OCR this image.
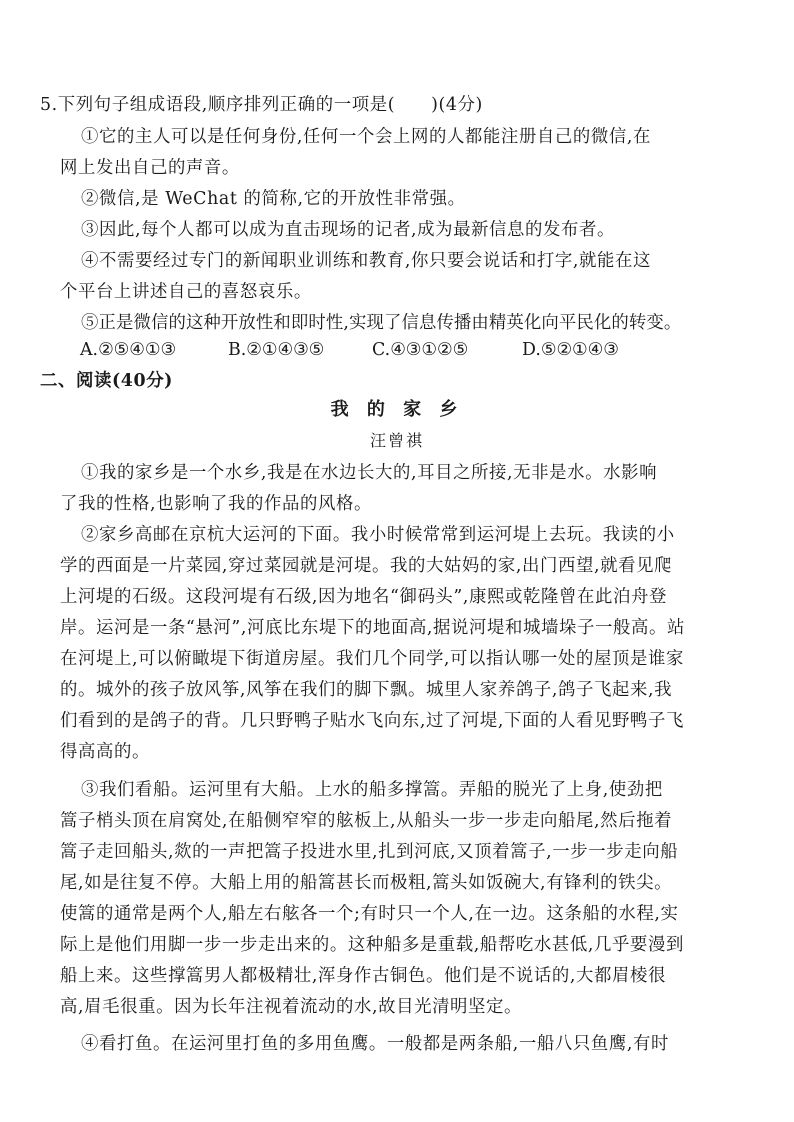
5.下列句子组成语段,顺序排列正确的一项是(　　)(4分)
①它的主人可以是任何身份,任何一个会上网的人都能注册自己的微信,在
网上发出自己的声音。
②微信,是 WeChat 的简称,它的开放性非常强。
③因此,每个人都可以成为直击现场的记者,成为最新信息的发布者。
④不需要经过专门的新闻职业训练和教育,你只要会说话和打字,就能在这
个平台上讲述自己的喜怒哀乐。
⑤正是微信的这种开放性和即时性,实现了信息传播由精英化向平民化的转变。
A.②⑤④①③	B.②①④③⑤	C.④③①②⑤	D.⑤②①④③
二、阅读(40分)
我 的 家 乡
汪曾祺
①我的家乡是一个水乡,我是在水边长大的,耳目之所接,无非是水。水影响
了我的性格,也影响了我的作品的风格。
②家乡高邮在京杭大运河的下面。我小时候常常到运河堤上去玩。我读的小
学的西面是一片菜园,穿过菜园就是河堤。我的大姑妈的家,出门西望,就看见爬
上河堤的石级。这段河堤有石级,因为地名“御码头”,康熙或乾隆曾在此泊舟登
岸。运河是一条“悬河”,河底比东堤下的地面高,据说河堤和城墙垛子一般高。站
在河堤上,可以俯瞰堤下街道房屋。我们几个同学,可以指认哪一处的屋顶是谁家
的。城外的孩子放风筝,风筝在我们的脚下飘。城里人家养鸽子,鸽子飞起来,我
们看到的是鸽子的背。几只野鸭子贴水飞向东,过了河堤,下面的人看见野鸭子飞
得高高的。
③我们看船。运河里有大船。上水的船多撑篙。弄船的脱光了上身,使劲把
篙子梢头顶在肩窝处,在船侧窄窄的舷板上,从船头一步一步走向船尾,然后拖着
篙子走回船头,欻的一声把篙子投进水里,扎到河底,又顶着篙子,一步一步走向船
尾,如是往复不停。大船上用的船篙甚长而极粗,篙头如饭碗大,有锋利的铁尖。
使篙的通常是两个人,船左右舷各一个;有时只一个人,在一边。这条船的水程,实
际上是他们用脚一步一步走出来的。这种船多是重载,船帮吃水甚低,几乎要漫到
船上来。这些撑篙男人都极精壮,浑身作古铜色。他们是不说话的,大都眉棱很
高,眉毛很重。因为长年注视着流动的水,故目光清明坚定。
④看打鱼。在运河里打鱼的多用鱼鹰。一般都是两条船,一船八只鱼鹰,有时
